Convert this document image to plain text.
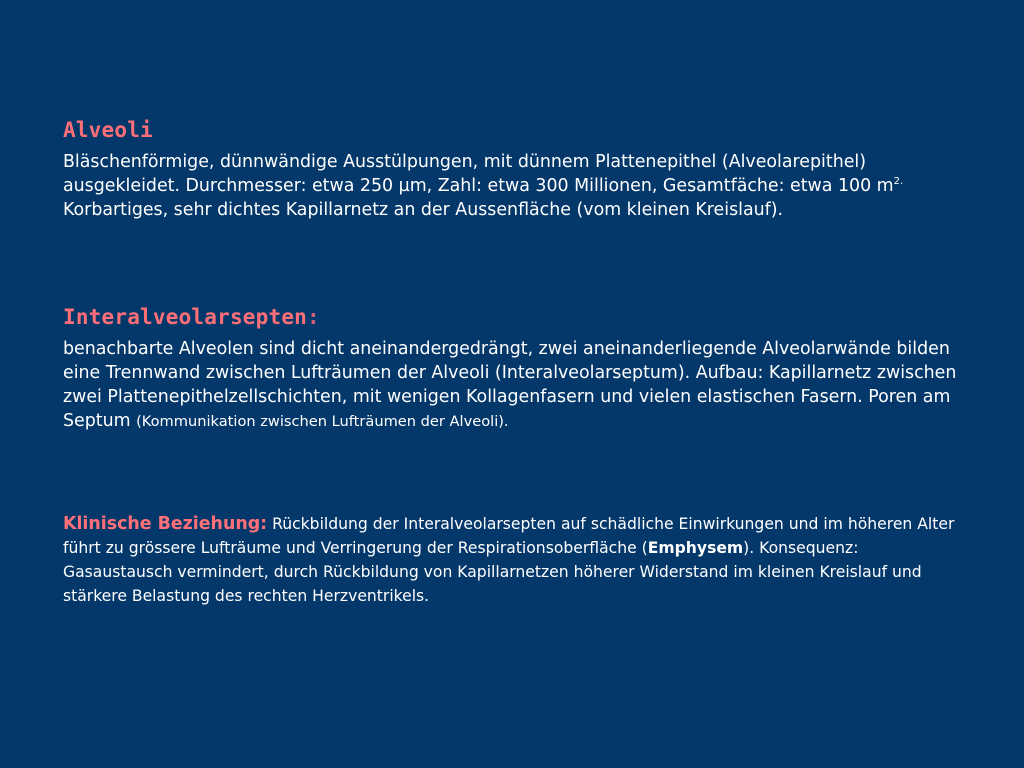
Alveoli
Bläschenförmige, dünnwändige Ausstülpungen, mit dünnem Plattenepithel (Alveolarepithel)
ausgekleidet. Durchmesser: etwa 250 µm, Zahl: etwa 300 Millionen, Gesamtfäche: etwa 100 $m^{2.}$
Korbartiges, sehr dichtes Kapillarnetz an der Aussenfläche (vom kleinen Kreislauf).
Interalveolarsepten:
benachbarte Alveolen sind dicht aneinandergedrängt, zwei aneinanderliegende Alveolarwände bilden eine Trennwand zwischen Lufträumen der Alveoli (Interalveolarseptum). Aufbau: Kapillarnetz zwischen zwei Plattenepithelzellschichten, mit wenigen Kollagenfasern und vielen elastischen Fasern. Poren am Septum (Kommunikation zwischen Lufträumen der Alveoli).
Klinische Beziehung: Rückbildung der Interalveolarsepten auf schädliche Einwirkungen und im höheren Alter führt zu grössere Lufträume und Verringerung der Respirationsoberfläche (Emphysem). Konsequenz: Gasaustausch vermindert, durch Rückbildung von Kapillarnetzen höherer Widerstand im kleinen Kreislauf und stärkere Belastung des rechten Herzventrikels.
